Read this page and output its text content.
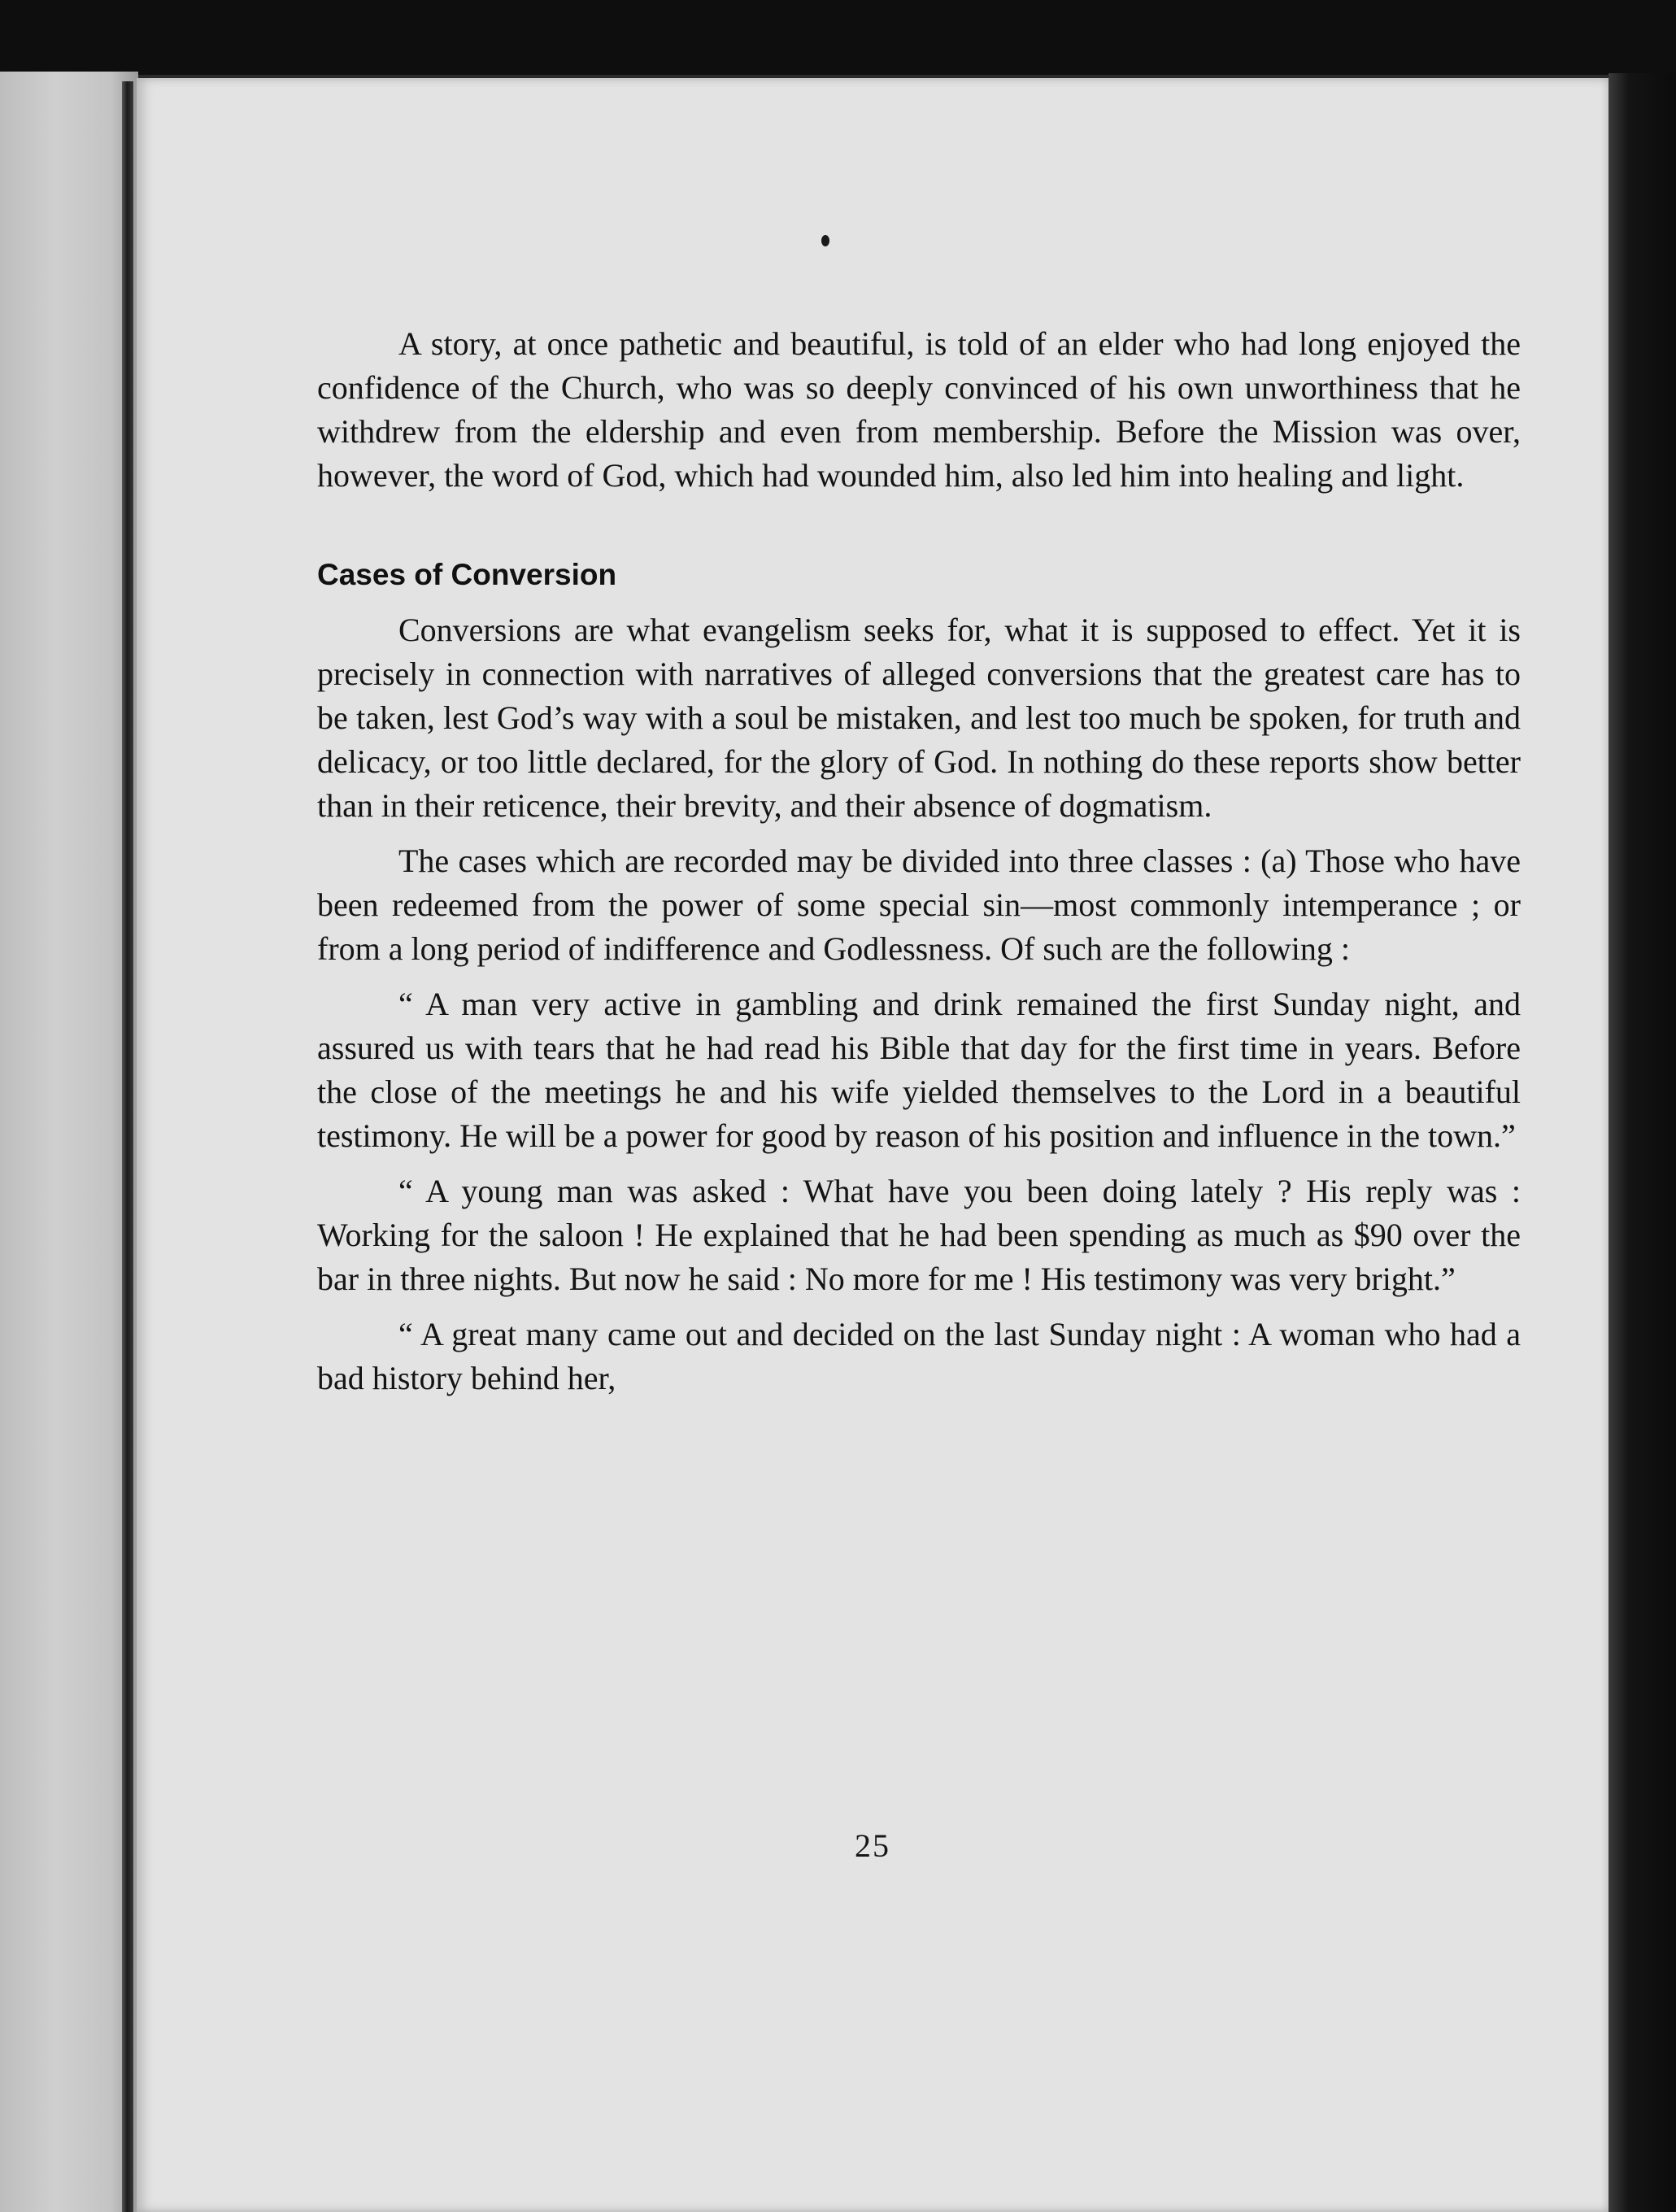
A story, at once pathetic and beautiful, is told of an elder who had long enjoyed the confidence of the Church, who was so deeply convinced of his own unworthiness that he withdrew from the eldership and even from membership. Before the Mission was over, however, the word of God, which had wounded him, also led him into healing and light.

Cases of Conversion

Conversions are what evangelism seeks for, what it is supposed to effect. Yet it is precisely in connection with narratives of alleged conversions that the greatest care has to be taken, lest God’s way with a soul be mistaken, and lest too much be spoken, for truth and delicacy, or too little declared, for the glory of God. In nothing do these reports show better than in their reticence, their brevity, and their absence of dogmatism.

The cases which are recorded may be divided into three classes : (a) Those who have been redeemed from the power of some special sin—most commonly intemperance ; or from a long period of indifference and Godlessness. Of such are the following :

“ A man very active in gambling and drink remained the first Sunday night, and assured us with tears that he had read his Bible that day for the first time in years. Before the close of the meetings he and his wife yielded themselves to the Lord in a beautiful testimony. He will be a power for good by reason of his position and influence in the town.”

“ A young man was asked : What have you been doing lately ? His reply was : Working for the saloon ! He explained that he had been spending as much as $90 over the bar in three nights. But now he said : No more for me ! His testimony was very bright.”

“ A great many came out and decided on the last Sunday night : A woman who had a bad history behind her,

25
